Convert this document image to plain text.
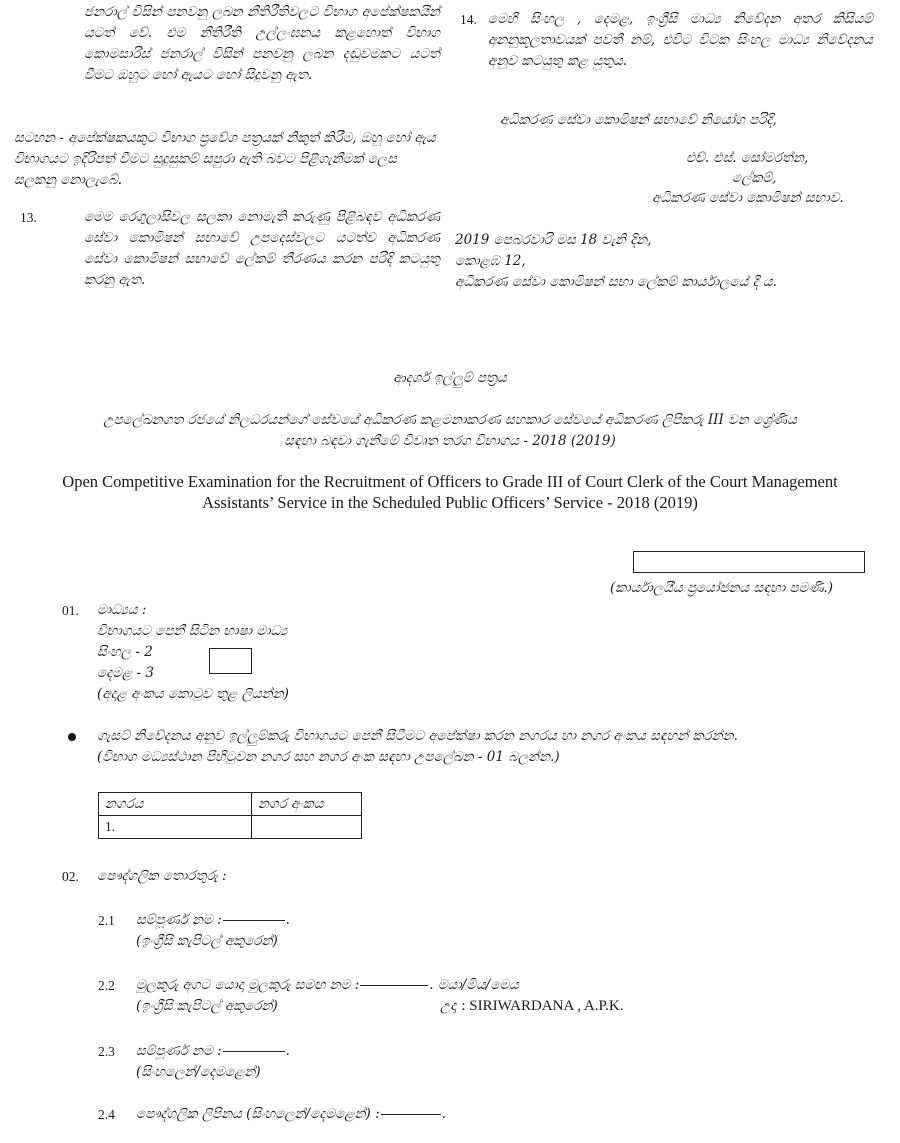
ජනරාල් විසින් පනවනු ලබන නීතිරීතිවලට විභාග අපේක්ෂකයින් යටත් වේ. එම නීතිරීති උල්ලංඝනය කළහොත් විභාග කොමසාරිස් ජනරාල් විසින් පනවනු ලබන දඬුවමකට යටත් වීමට ඔහුට හෝ ඇයට හෝ සිදුවනු ඇත.
සටහන - අපේක්ෂකයකුට විභාග ප්‍රවේශ පත්‍රයක් නිකුත් කිරීම, ඔහු හෝ ඇය විභාගයට ඉදිරිපත් වීමට සුදුසුකම් සපුරා ඇති බවට පිළිගැනීමක් ලෙස සලකනු නොලැබේ.
13.	මෙම රෙගුලාසිවල සලකා නොමැති කරුණු පිළිබඳව අධිකරණ සේවා කොමිෂන් සභාවේ උපදෙස්වලට යටත්ව අධිකරණ සේවා කොමිෂන් සභාවේ ලේකම් තීරණය කරන පරිදි කටයුතු කරනු ඇත.
14. මෙහි සිංහල , දෙමළ, ඉංග්‍රීසි මාධ්‍ය නිවේදන අතර කිසියම් අනනුකූලතාවයක් පවතී නම්, එවිට විටක සිංහල මාධ්‍ය නිවේදනය අනුව කටයුතු කළ යුතුය.
අධිකරණ සේවා කොමිෂන් සභාවේ නියෝග පරිදි,
එච්. එස්. සෝමරත්න,
ලේකම්,
අධිකරණ සේවා කොමිෂන් සභාව.
2019 පෙබරවාරි මස 18 වැනි දින,
කොළඹ 12,
අධිකරණ සේවා කොමිෂන් සභා ලේකම් කාර්යාලයේ දී ය.
ආදර්ශ ඉල්ලුම් පත්‍රය
උපලේඛනගත රජයේ නිලධරයන්ගේ සේවයේ අධිකරණ කළමනාකරණ සහකාර සේවයේ අධිකරණ ලිපිකරු III වන ශ්‍රේණිය
සඳහා බඳවා ගැනීමේ විවෘත තරග විභාගය - 2018 (2019)
Open Competitive Examination for the Recruitment of Officers to Grade III of Court Clerk of the Court Management
Assistants’ Service in the Scheduled Public Officers’ Service - 2018 (2019)
(කාර්යාලයීය ප්‍රයෝජනය සඳහා පමණි.)
01. මාධ්‍යය :
විභාගයට පෙනී සිටින භාෂා මාධ්‍ය
සිංහල - 2
දෙමළ - 3
(අදාළ අංකය කොටුව තුළ ලියන්න)
ගැසට් නිවේදනය අනුව ඉල්ලුම්කරු විභාගයට පෙනී සිටීමට අපේක්ෂා කරන නගරය හා නගර අංකය සඳහන් කරන්න.
(විභාග මධ්‍යස්ථාන පිහිටුවන නගර සහ නගර අංක සඳහා උපලේඛන - 01 බලන්න.)
නගරය	නගර අංකය
1.	
02. පෞද්ගලික තොරතුරු :
2.1 සම්පූර්ණ නම :	.
(ඉංග්‍රීසි කැපිටල් අකුරෙන්)
2.2 මුලකුරු අගට යොදා මුලකුරු සමඟ නම :	. මයා/මිය/මෙය
(ඉංග්‍රීසි කැපිටල් අකුරෙන්)	උදා : SIRIWARDANA , A.P.K.
2.3 සම්පූර්ණ නම :	.
(සිංහලෙන්/දෙමළෙන්)
2.4 පෞද්ගලික ලිපිනය (සිංහලෙන්/දෙමළෙන්) :	.
